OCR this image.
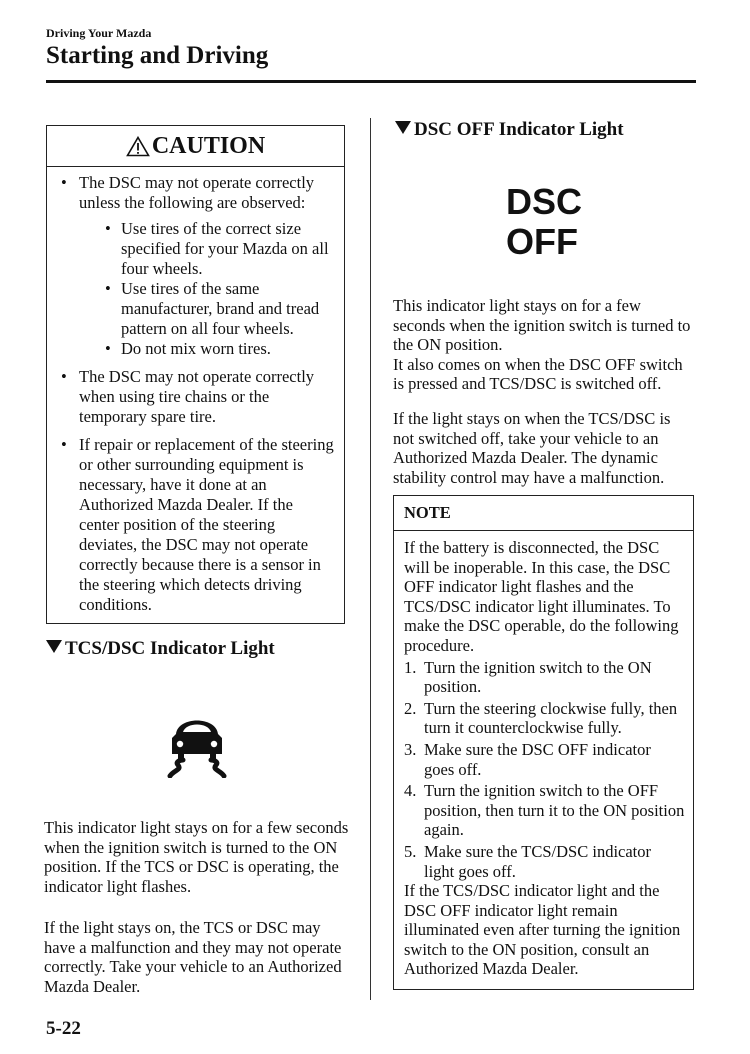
Driving Your Mazda
Starting and Driving
CAUTION
• The DSC may not operate correctly unless the following are observed:
• Use tires of the correct size specified for your Mazda on all four wheels.
• Use tires of the same manufacturer, brand and tread pattern on all four wheels.
• Do not mix worn tires.
• The DSC may not operate correctly when using tire chains or the temporary spare tire.
• If repair or replacement of the steering or other surrounding equipment is necessary, have it done at an Authorized Mazda Dealer. If the center position of the steering deviates, the DSC may not operate correctly because there is a sensor in the steering which detects driving conditions.
TCS/DSC Indicator Light

This indicator light stays on for a few seconds when the ignition switch is turned to the ON position. If the TCS or DSC is operating, the indicator light flashes.

If the light stays on, the TCS or DSC may have a malfunction and they may not operate correctly. Take your vehicle to an Authorized Mazda Dealer.

DSC OFF Indicator Light
DSC
OFF

This indicator light stays on for a few seconds when the ignition switch is turned to the ON position.
It also comes on when the DSC OFF switch is pressed and TCS/DSC is switched off.

If the light stays on when the TCS/DSC is not switched off, take your vehicle to an Authorized Mazda Dealer. The dynamic stability control may have a malfunction.

NOTE
If the battery is disconnected, the DSC will be inoperable. In this case, the DSC OFF indicator light flashes and the TCS/DSC indicator light illuminates. To make the DSC operable, do the following procedure.
1. Turn the ignition switch to the ON position.
2. Turn the steering clockwise fully, then turn it counterclockwise fully.
3. Make sure the DSC OFF indicator goes off.
4. Turn the ignition switch to the OFF position, then turn it to the ON position again.
5. Make sure the TCS/DSC indicator light goes off.
If the TCS/DSC indicator light and the DSC OFF indicator light remain illuminated even after turning the ignition switch to the ON position, consult an Authorized Mazda Dealer.
5-22
